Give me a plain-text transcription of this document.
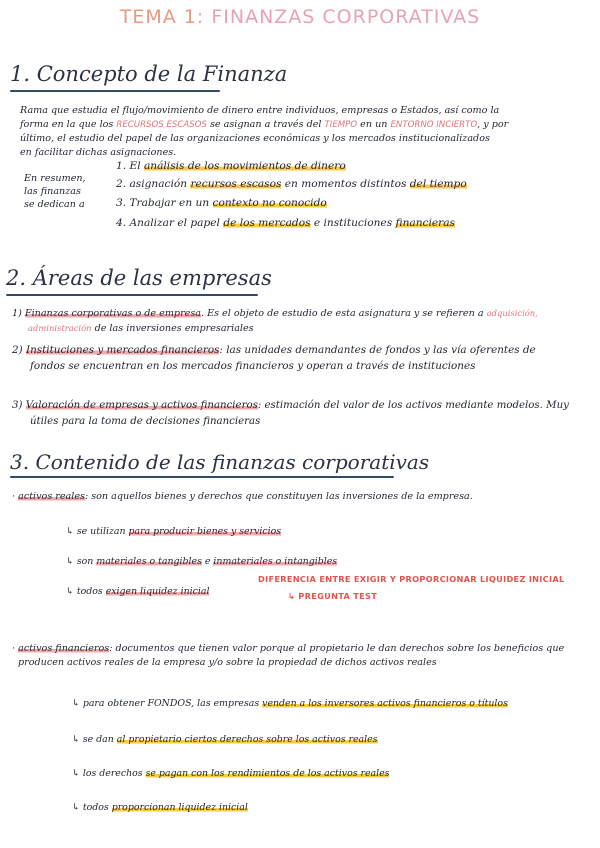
TEMA 1: FINANZAS CORPORATIVAS
1. Concepto de la Finanza
Rama que estudia el flujo/movimiento de dinero entre individuos, empresas o Estados, así como la
forma en la que los RECURSOS ESCASOS se asignan a través del TIEMPO en un ENTORNO INCIERTO, y por
último, el estudio del papel de las organizaciones económicas y los mercados institucionalizados
en facilitar dichas asignaciones.
En resumen,
las finanzas
se dedican a
1. El análisis de los movimientos de dinero
2. asignación recursos escasos en momentos distintos del tiempo
3. Trabajar en un contexto no conocido
4. Analizar el papel de los mercados e instituciones financieras
2. Áreas de las empresas
1) Finanzas corporativas o de empresa. Es el objeto de estudio de esta asignatura y se refieren a adquisición,
administración de las inversiones empresariales
2) Instituciones y mercados financieros: las unidades demandantes de fondos y las vía oferentes de
fondos se encuentran en los mercados financieros y operan a través de instituciones
3) Valoración de empresas y activos financieros: estimación del valor de los activos mediante modelos. Muy
útiles para la toma de decisiones financieras
3. Contenido de las finanzas corporativas
· activos reales: son aquellos bienes y derechos que constituyen las inversiones de la empresa.
↳ se utilizan para producir bienes y servicios
↳ son materiales o tangibles e inmateriales o intangibles
↳ todos exigen liquidez inicial
DIFERENCIA ENTRE EXIGIR Y PROPORCIONAR LIQUIDEZ INICIAL
↳ PREGUNTA TEST
· activos financieros: documentos que tienen valor porque al propietario le dan derechos sobre los beneficios que
producen activos reales de la empresa y/o sobre la propiedad de dichos activos reales
↳ para obtener FONDOS, las empresas venden a los inversores activos financieros o títulos
↳ se dan al propietario ciertos derechos sobre los activos reales
↳ los derechos se pagan con los rendimientos de los activos reales
↳ todos proporcionan liquidez inicial
